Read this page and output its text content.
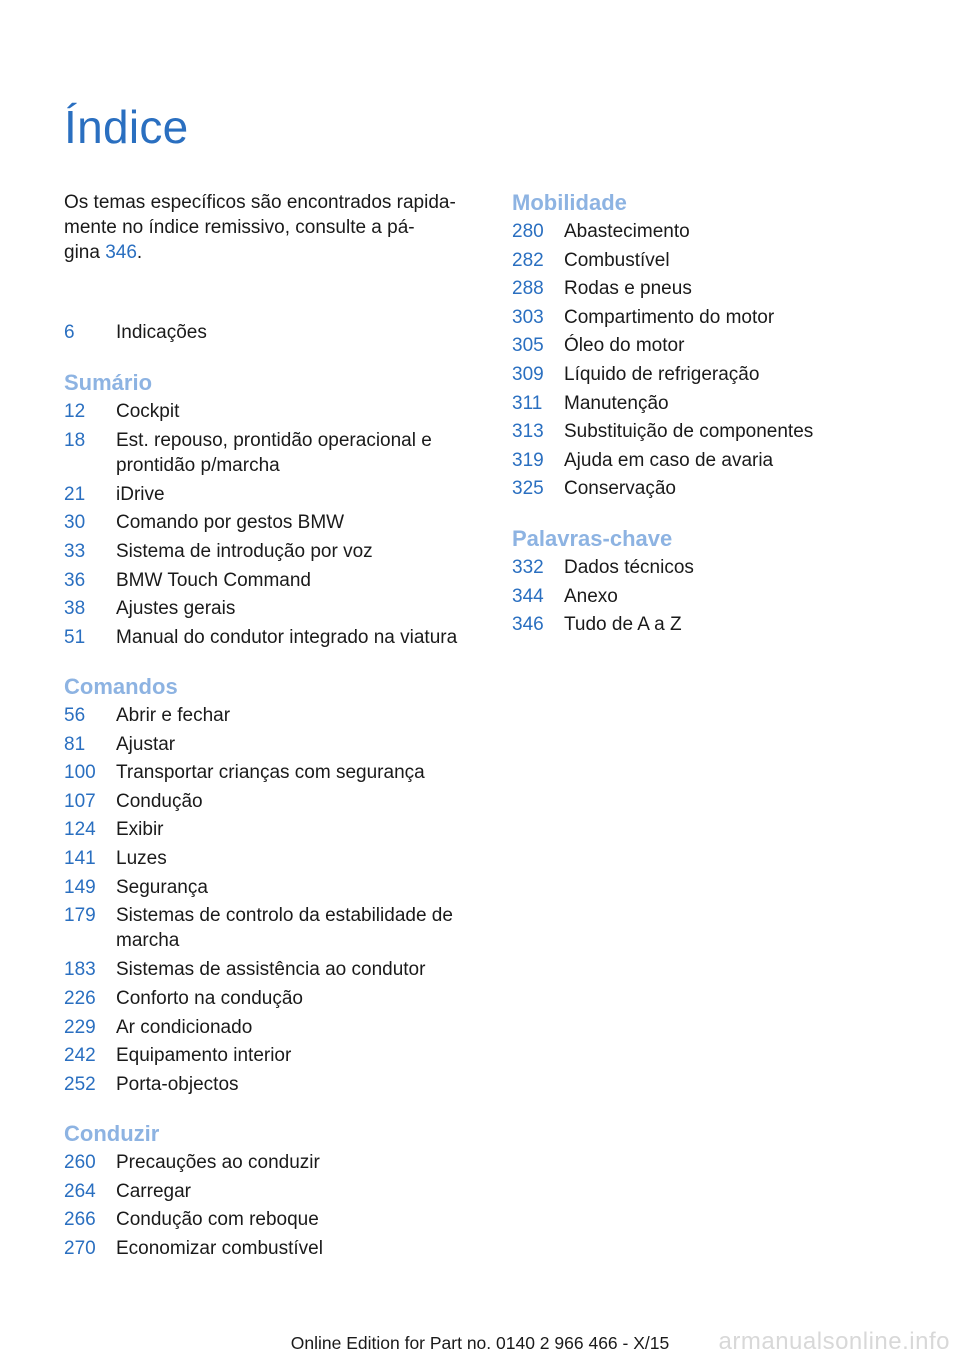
Índice

Os temas específicos são encontrados rapida-
mente no índice remissivo, consulte a pá-
gina 346.

6	Indicações
Sumário
Comandos
Conduzir
12	Cockpit
18	Est. repouso, prontidão operacional e prontidão p/marcha
21	iDrive
30	Comando por gestos BMW
33	Sistema de introdução por voz
36	BMW Touch Command
38	Ajustes gerais
51	Manual do condutor integrado na viatura
56	Abrir e fechar
81	Ajustar
100	Transportar crianças com segurança
107	Condução
124	Exibir
141	Luzes
149	Segurança
179	Sistemas de controlo da estabilidade de marcha
183	Sistemas de assistência ao condutor
226	Conforto na condução
229	Ar condicionado
242	Equipamento interior
252	Porta-objectos
260	Precauções ao conduzir
264	Carregar
266	Condução com reboque
270	Economizar combustível
Mobilidade
Palavras-chave
280	Abastecimento
282	Combustível
288	Rodas e pneus
303	Compartimento do motor
305	Óleo do motor
309	Líquido de refrigeração
311	Manutenção
313	Substituição de componentes
319	Ajuda em caso de avaria
325	Conservação
332	Dados técnicos
344	Anexo
346	Tudo de A a Z
Online Edition for Part no. 0140 2 966 466 - X/15	armanualsonline.info
